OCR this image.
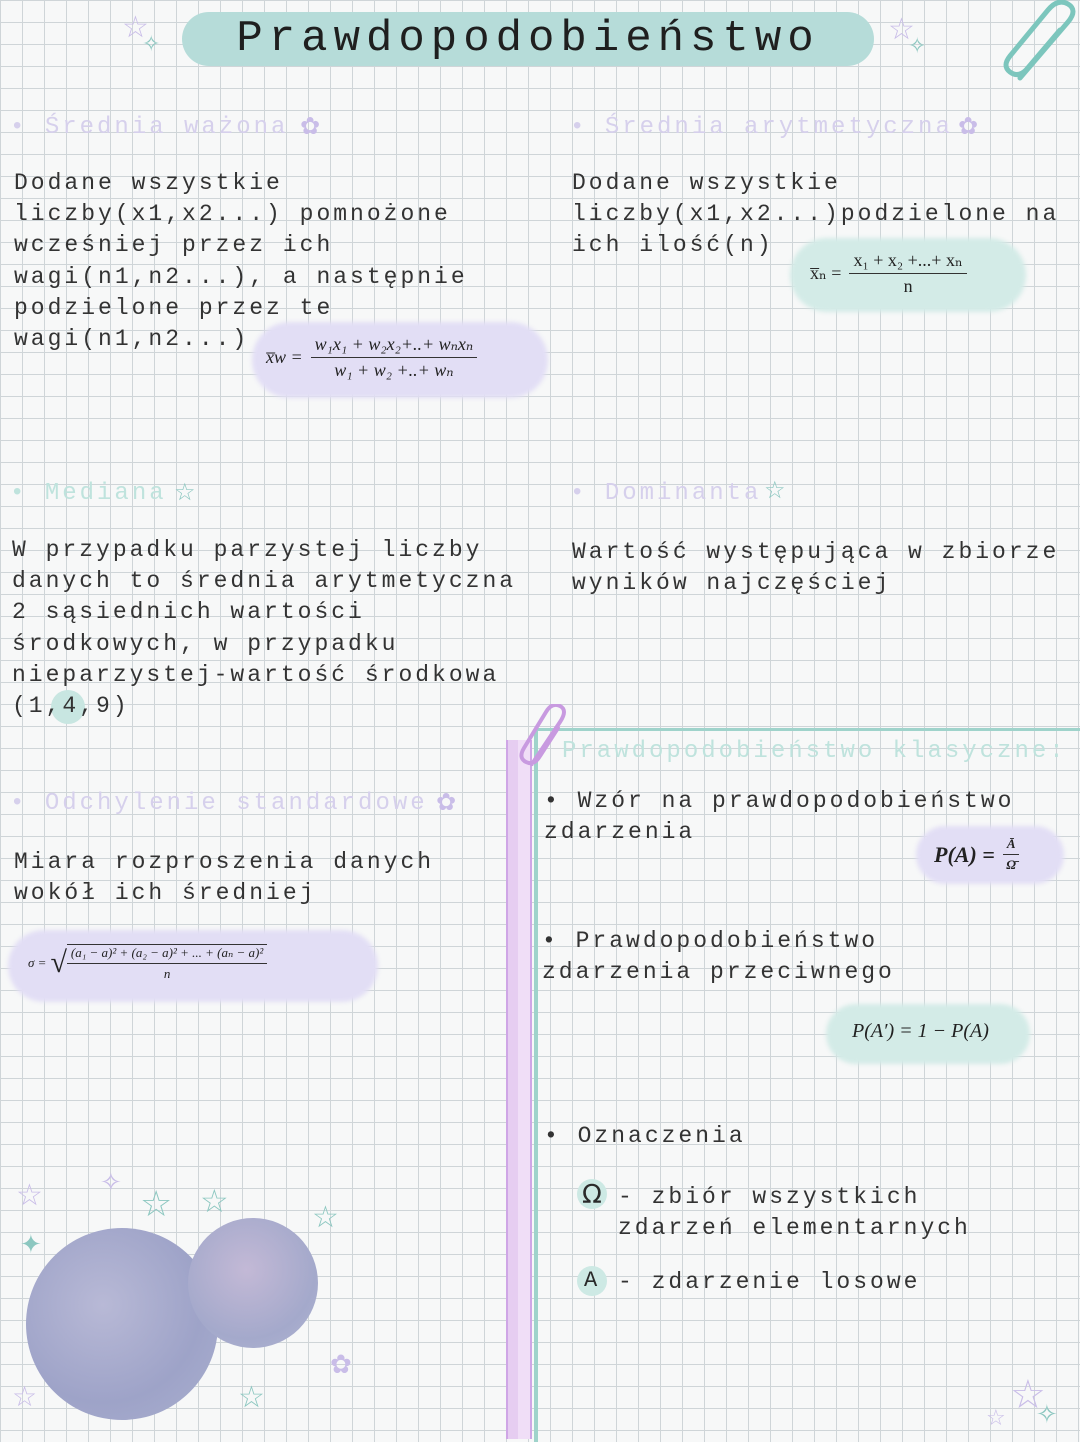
Prawdopodobieństwo
☆
✧	☆
✧
• Średnia ważona ✿
Dodane wszystkie
liczby(x1,x2...) pomnożone
wcześniej przez ich
wagi(n1,n2...), a następnie
podzielone przez te
wagi(n1,n2...)
x̅w = $\frac{\text{w₁x₁ + w₂x₂+..+ wₙxₙ}}{\text{w₁ + w₂ +..+ wₙ}}$
• Średnia arytmetyczna ✿
Dodane wszystkie
liczby(x1,x2...)podzielone na
ich ilość(n)
x̅ₙ = $\frac{\text{x₁ + x₂ +...+ xₙ}}{n}$
• Mediana ☆
W przypadku parzystej liczby
danych to średnia arytmetyczna
2 sąsiednich wartości
środkowych, w przypadku
nieparzystej-wartość środkowa
(1,4,9)
• Dominanta ☆
Wartość występująca w zbiorze
wyników najczęściej
• Odchylenie standardowe ✿
Miara rozproszenia danych
wokół ich średniej
σ = √ $\frac{\text{(a₁ − a)² + (a₂ − a)² + ... + (aₙ − a)²}}{n}$
Prawdopodobieństwo klasyczne:
• Wzór na prawdopodobieństwo
zdarzenia
$P(A) = \frac{Ā}{\Omegā}$
• Prawdopodobieństwo
zdarzenia przeciwnego
P(A′) = 1 − P(A)
• Oznaczenia
Ω - zbiór wszystkich
zdarzeń elementarnych
A - zdarzenie losowe
☆	☆ ☆
✦
☆
✧
☆
✿
☆	☆
✧
☆
